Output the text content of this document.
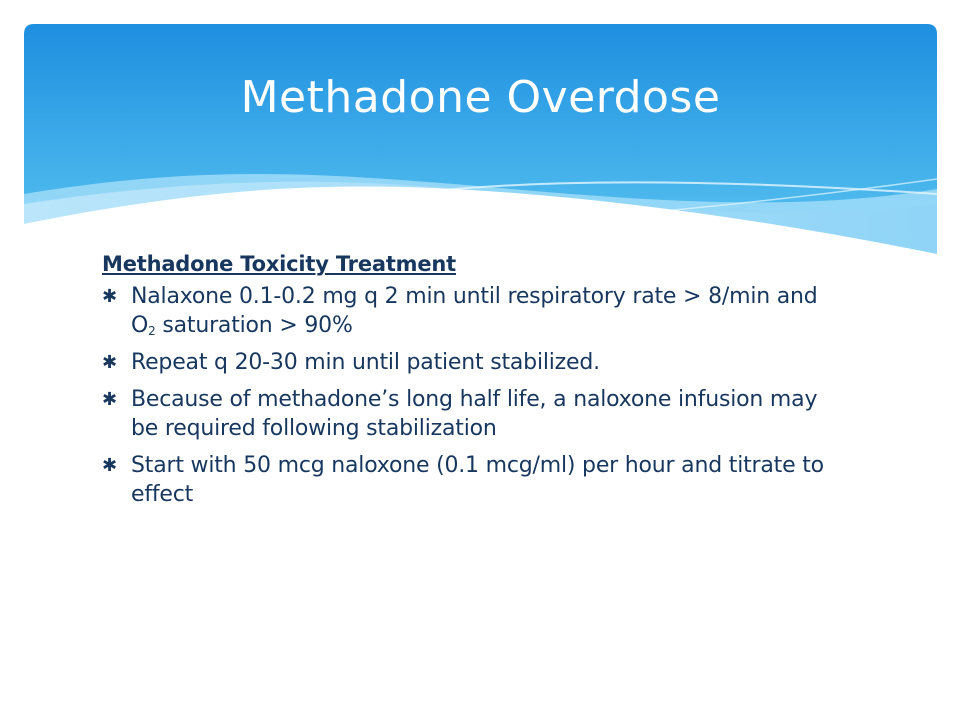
Methadone Overdose
Methadone Toxicity Treatment
✱ Nalaxone 0.1-0.2 mg q 2 min until respiratory rate > 8/min and $O_2$ saturation > 90%
✱ Repeat q 20-30 min until patient stabilized.
✱ Because of methadone’s long half life, a naloxone infusion may be required following stabilization
✱ Start with 50 mcg naloxone (0.1 mcg/ml) per hour and titrate to effect
